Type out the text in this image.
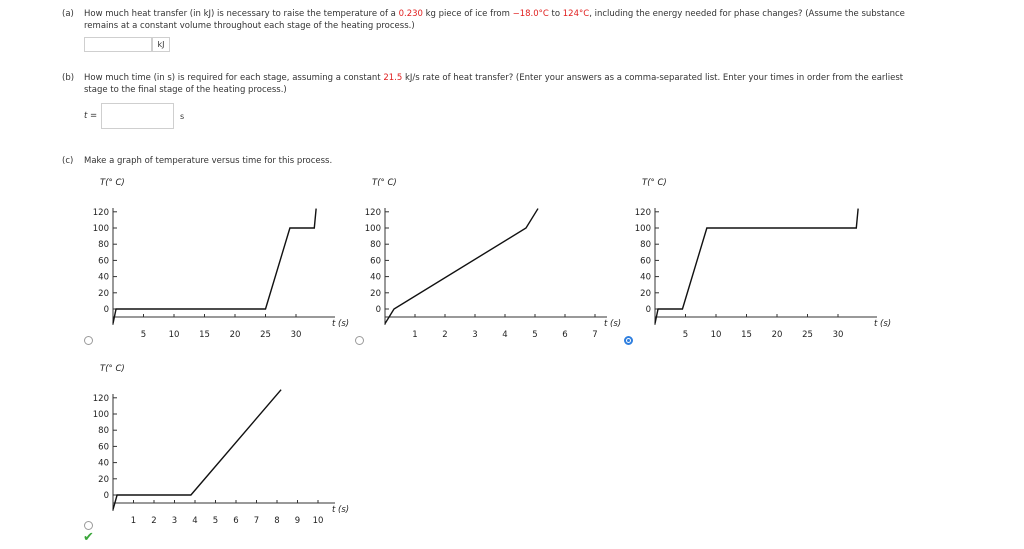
(a) How much heat transfer (in kJ) is necessary to raise the temperature of a 0.230 kg piece of ice from −18.0°C to 124°C, including the energy needed for phase changes? (Assume the substance
remains at a constant volume throughout each stage of the heating process.)
kJ
(b) How much time (in s) is required for each stage, assuming a constant 21.5 kJ/s rate of heat transfer? (Enter your answers as a comma-separated list. Enter your times in order from the earliest
stage to the final stage of the heating process.)
t =	s
(c) Make a graph of temperature versus time for this process.
T(° C)
0
20
40
60
80
100
120
5	10 15 20 25 30
t (s)
T(° C)
0
20
40
60
80
100
120
1	2	3	4	5	6	7
t (s)
T(° C)
0
20
40
60
80
100
120
5	10 15 20 25 30
t (s)
T(° C)
0
20
40
60
80
100
120
1 2 3 4 5 6 7 8 9 10
t (s)
✔
